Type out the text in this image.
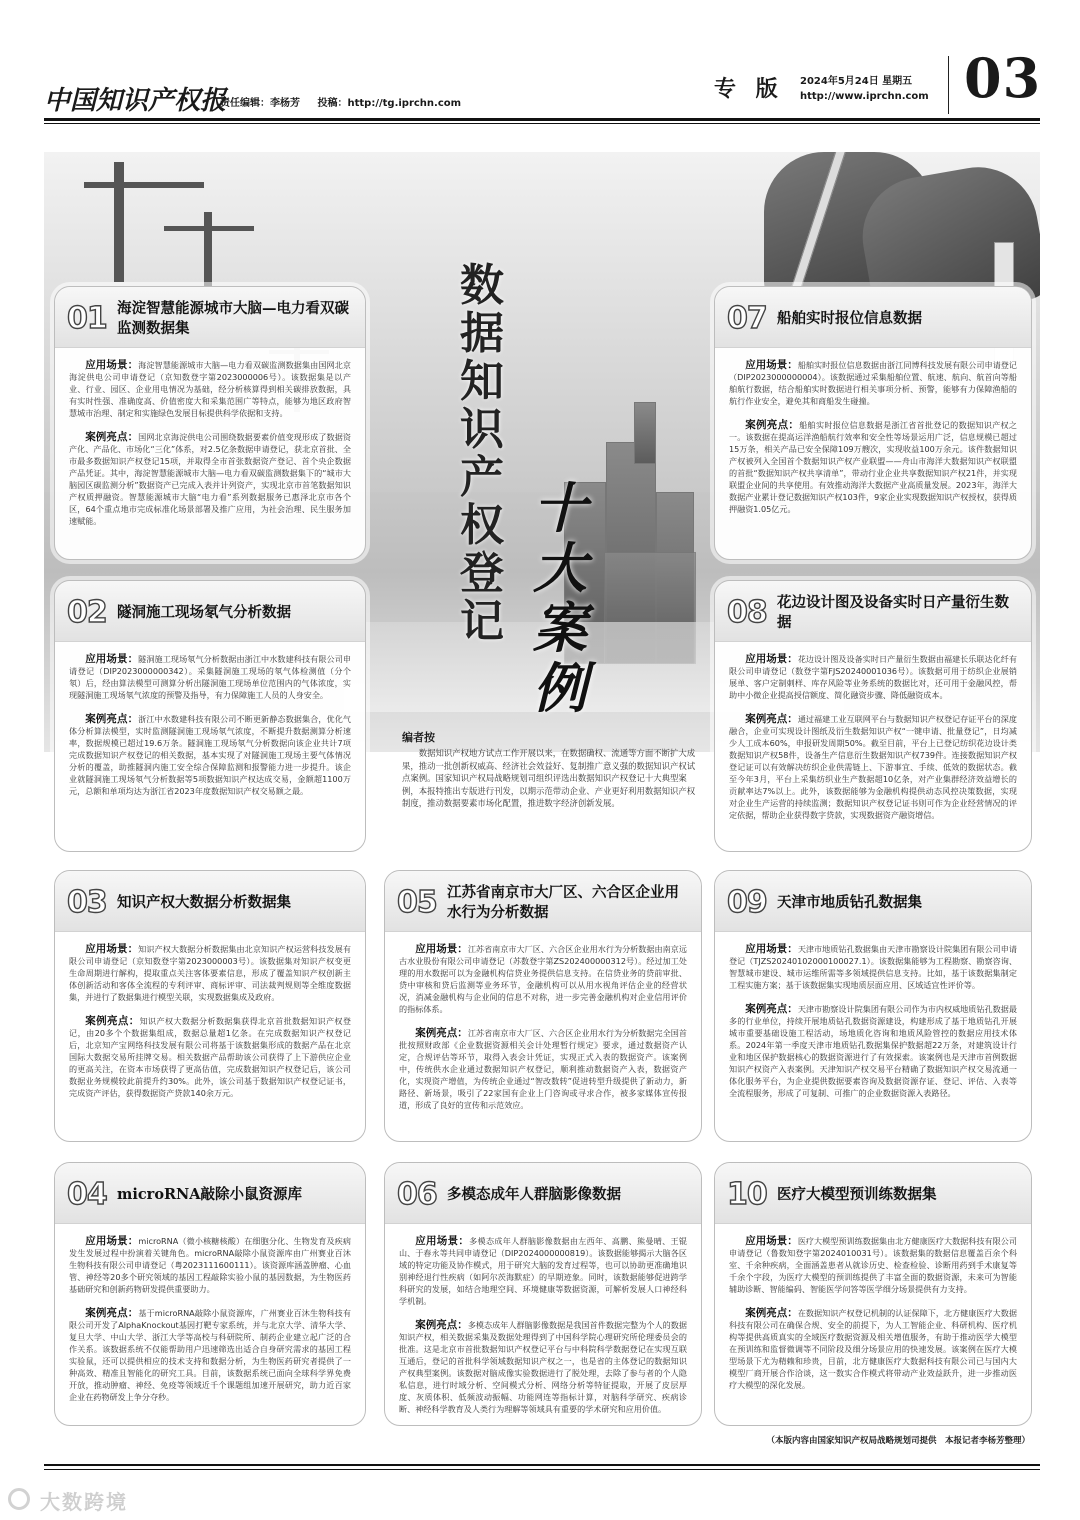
中国知识产权报
责任编辑：李杨芳 投稿：http://tg.iprchn.com
专 版 2024年5月24日 星期五
http://www.iprchn.com 03
数据知识产权登记
十大案例
编者按
数据知识产权地方试点工作开展以来，在数据确权、流通等方面不断扩大成果，推动一批创新权威高、经济社会效益好、复制推广意义强的数据知识产权试点案例。国家知识产权局战略规划司组织评选出数据知识产权登记十大典型案例，本报特推出专版进行刊发，以期示范带动企业、产业更好利用数据知识产权制度，推动数据要素市场化配置，推进数字经济创新发展。
01 海淀智慧能源城市大脑—电力看双碳监测数据集

应用场景：海淀智慧能源城市大脑—电力看双碳监测数据集由国网北京海淀供电公司申请登记（京知数登字第2023000006号）。该数据集是以产业、行业、园区、企业用电情况为基础，经分析核算得到相关碳排放数据，具有实时性强、准确度高、价值密度大和采集范围广等特点，能够为地区政府智慧城市治理、制定和实施绿色发展目标提供科学依据和支持。

案例亮点：国网北京海淀供电公司围绕数据要素价值变现形成了数据资产化、产品化、市场化“三化”体系，对2.5亿条数据申请登记，获北京首批、全市最多数据知识产权登记15项，并取得全市首张数据资产登记、首个央企数据产品凭证。其中，海淀智慧能源城市大脑—电力看双碳监测数据集下的“城市大脑园区碳监测分析”数据资产已完成入表并计列资产，实现北京市首笔数据知识产权质押融资。智慧能源城市大脑“电力看”系列数据服务已惠泽北京市各个区，64个重点地市完成标准化场景部署及推广应用，为社会治理、民生服务加速赋能。

02 隧洞施工现场氡气分析数据

应用场景：隧洞施工现场氡气分析数据由浙江中水数建科技有限公司申请登记（DIP2023000000342）。采集隧洞施工现场的氡气体检测值（分个氡）后，经由算法模型可测算分析出隧洞施工现场单位范围内的气体浓度，实现隧洞施工现场氡气浓度的预警及指导，有力保障施工人员的人身安全。

案例亮点：浙江中水数建科技有限公司不断更新静态数据集合，优化气体分析算法模型，实时监测隧洞施工现场氡气浓度，不断提升数据测算分析速率，数据规模已超过19.6万条。隧洞施工现场氡气分析数据向该企业共计7项完成数据知识产权登记的相关数据，基本实现了对隧洞施工现场主要气体情况分析的覆盖，助推隧洞内施工安全综合保障监测和报警能力进一步提升。该企业就隧洞施工现场氡气分析数据等5项数据知识产权达成交易，金额超1100万元，总额和单项均达为浙江省2023年度数据知识产权交易额之最。

03 知识产权大数据分析数据集

应用场景：知识产权大数据分析数据集由北京知识产权运营科技发展有限公司申请登记（京知数登字第2023000003号）。该数据集对知识产权变更生命周期进行解构，提取重点关注客体要素信息，形成了覆盖知识产权创新主体创新活动和客体全流程的专利评审、商标评审、司法裁判规则等全维度数据集，并进行了数据集进行模型关联，实现数据集成及政府。

案例亮点：知识产权大数据分析数据集获得北京首批数据知识产权登记，由20多个个数据集组成，数据总量超1亿条。在完成数据知识产权登记后，北京知产宝网络科技发展有限公司将基于该数据集形成的数据产品在北京国际大数据交易所挂牌交易。相关数据产品帮助该公司获得了上下游供应企业的更高关注，在资本市场获得了更高估值，完成数据知识产权登记后，该公司数据业务规模较此前提升约30%。此外，该公司基于数据知识产权登记证书，完成资产评估，获得数据资产贷款140余万元。

04 microRNA敲除小鼠资源库

应用场景：microRNA（微小核糖核酸）在细胞分化、生物发育及疾病发生发展过程中扮演着关键角色。microRNA敲除小鼠资源库由广州赛业百沐生物科技有限公司申请登记（粤2023111600111）。该资源库涵盖肿瘤、心血管、神经等20多个研究领域的基因工程敲除实验小鼠的基因数据，为生物医药基础研究和创新药物研发提供重要助力。

案例亮点：基于microRNA敲除小鼠资源库，广州赛业百沐生物科技有限公司开发了AlphaKnockout基因打靶专家系统，并与北京大学、清华大学、复旦大学、中山大学、浙江大学等高校与科研院所、制药企业建立起广泛的合作关系。该数据系统不仅能帮助用户迅速筛选出适合自身研究需求的基因工程实验鼠，还可以提供相应的技术支持和数据分析，为生物医药研究者提供了一种高效、精准且智能化的研究工具。目前，该数据系统已面向全球科学界免费开放，推动肿瘤、神经、免疫等领域近千个课题组加速开展研究，助力近百家企业在药物研发上争分夺秒。

05 江苏省南京市大厂区、六合区企业用水行为分析数据

应用场景：江苏省南京市大厂区、六合区企业用水行为分析数据由南京远古水业股份有限公司申请登记（苏数登字第ZS202400000312号）。经过加工处理的用水数据可以为金融机构信贷业务提供信息支持。在信贷业务的贷前审批、贷中审核和贷后监测等业务环节，金融机构可以从用水视角评估企业的经营状况，消减金融机构与企业间的信息不对称，进一步完善金融机构对企业信用评价的指标体系。

案例亮点：江苏省南京市大厂区、六合区企业用水行为分析数据完全国首批按照财政部《企业数据资源相关会计处理暂行规定》要求，通过数据资产认定，合规评估等环节，取得入表会计凭证，实现正式入表的数据资产。该案例中，传统供水企业通过数据知识产权登记，顺利推动数据资产入表，数据资产化，实现资产增值，为传统企业通过“智改数转”促进转型升级提供了新动力，新路径、新场景，吸引了22家国有企业上门咨询或寻求合作，被多家媒体宣传报道，形成了良好的宣传和示范效应。

06 多模态成年人群脑影像数据

应用场景：多模态成年人群脑影像数据由左西年、高鹏、熊曼晴、王锟山、于春永等共同申请登记（DIP2024000000819）。该数据能够揭示大脑各区域的特定功能及协作模式，用于研究大脑的发育过程等，也可以协助更准确地识别神经退行性疾病（如阿尔茨海默症）的早期迹象。同时，该数据能够促进跨学科研究的发展，如结合地理空间、环境健康等数据资源，可解析发展人口神经科学机制。

案例亮点：多模态成年人群脑影像数据是我国首件数据完整为个人的数据知识产权，相关数据采集及数据处理得到了中国科学院心理研究所伦理委员会的批准。这是北京市首批数据知识产权登记平台与中科院科学数据登记在实现互联互通后，登记的首批科学领域数据知识产权之一，也是省的主体登记的数据知识产权典型案例。该数据对脑成像实验数据进行了脱处理，去除了参与者的个人隐私信息，进行时域分析、空间模式分析、网络分析等特征提取，开展了皮层厚度、灰质体积、低频波动振幅、功能网连等指标计算，对脑科学研究、疾病诊断、神经科学教育及人类行为理解等领域具有重要的学术研究和应用价值。

07 船舶实时报位信息数据

应用场景：船舶实时报位信息数据由浙江同博科技发展有限公司申请登记（DIP2023000000004）。该数据通过采集船舶位置、航速、航向、航首向等船舶航行数据，结合船舶实时数据进行相关事项分析、预警，能够有力保障渔船的航行作业安全，避免其和商船发生碰撞。

案例亮点：船舶实时报位信息数据是浙江省首批登记的数据知识产权之一。该数据在提高运洋渔船航行效率和安全性等场景运用广泛，信息规模已超过15万条，相关产品已安全保障109万艘次，实现收益100万余元。该件数据知识产权被列入全国首个数据知识产权产业联盟——舟山市海洋大数据知识产权联盟的首批“数据知识产权共享清单”，带动行业企业共享数据知识产权21件，并实现联盟企业间的共享使用。有效推动海洋大数据产业高质量发展。2023年，海洋大数据产业累计登记数据知识产权103件，9家企业实现数据知识产权授权，获得质押融资1.05亿元。

08 花边设计图及设备实时日产量衍生数据

应用场景：花边设计图及设备实时日产量衍生数据由福建长乐联达化纤有限公司申请登记（数登字第FJS20240001036号）。该数据可用于纺织企业展销展单、客户定制刺样、库存风险等业务系统的数据比对，还可用于金融风控，帮助中小微企业提高授信额度、简化融资步骤、降低融资成本。

案例亮点：通过福建工业互联网平台与数据知识产权登记存证平台的深度融合，企业可实现设计图纸及衍生数据知识产权“一键申请、批量登记”，日均减少人工成本60%，申报研发周期50%。截至目前，平台上已登记纺织花边设计类数据知识产权58件，设备生产信息衍生数据知识产权739件。连接数据知识产权登记证可以有效解决纺织企业供需链上、下游事宜、手续、低效的数据状态。截至今年3月，平台上采集纺织业生产数据超10亿条，对产业集群经济效益增长的贡献率达7%以上。此外，该数据能够为金融机构提供动态风控决策数据，实现对企业生产运营的持续监测；数据知识产权登记证书则可作为企业经营情况的评定依据，帮助企业获得数字贷款，实现数据资产融资增信。

09 天津市地质钻孔数据集

应用场景：天津市地质钻孔数据集由天津市勘察设计院集团有限公司申请登记（TJZS20240102000100027.1）。该数据集能够为工程勘察、勘察咨询、智慧城市建设、城市运维所需等多领域提供信息支持。比如，基于该数据集制定工程实施方案；基于该数据集实现地质层面应用、区域适宜性评价等。

案例亮点：天津市勘察设计院集团有限公司作为市内权威地质钻孔数据最多的行业单位，持续开展地质钻孔数据资源建设，构建形成了基于地质钻孔开展城市重要基础设施工程活动，场地质化咨询和地质风险管控的数据应用技术体系。2024年第一季度天津市地质钻孔数据集保护数据超22万条，对建筑设计行业和地区保护数据核心的数据资源进行了有效探索。该案例也是天津市首例数据知识产权资产入表案例。天津知识产权交易平台精确了数据知识产权交易流通一体化服务平台，为企业提供数据要素咨询及数据资源存证、登记、评估、入表等全流程服务，形成了可复制、可推广的企业数据资源入表路径。

10 医疗大模型预训练数据集

应用场景：医疗大模型预训练数据集由北方健康医疗大数据科技有限公司申请登记（鲁数知登字第2024010031号）。该数据集的数据信息覆盖百余个科室、千余种疾病，全面涵盖患者从就诊历史、检查检验、诊断用药到手术康复等千余个字段，为医疗大模型的预训练提供了丰富全面的数据资源，未来可为智能辅助诊断、智能编码、智能医学问答等医学细分场景提供有力支持。

案例亮点：在数据知识产权登记机制的认证保障下，北方健康医疗大数据科技有限公司在确保合规、安全的前提下，为人工智能企业、科研机构、医疗机构等提供高质真实的全域医疗数据资源及相关增值服务，有助于推动医学大模型在预训练和监督微调等不同阶段及细分场景应用的快速发展。该案例在医疗大模型场景下尤为精赖和珍贵，目前，北方健康医疗大数据科技有限公司已与国内大模型厂商开展合作洽谈，这一数实合作模式将带动产业效益跃升，进一步推动医疗大模型的深化发展。

（本版内容由国家知识产权局战略规划司提供　本报记者李杨芳整理）
大数跨境
